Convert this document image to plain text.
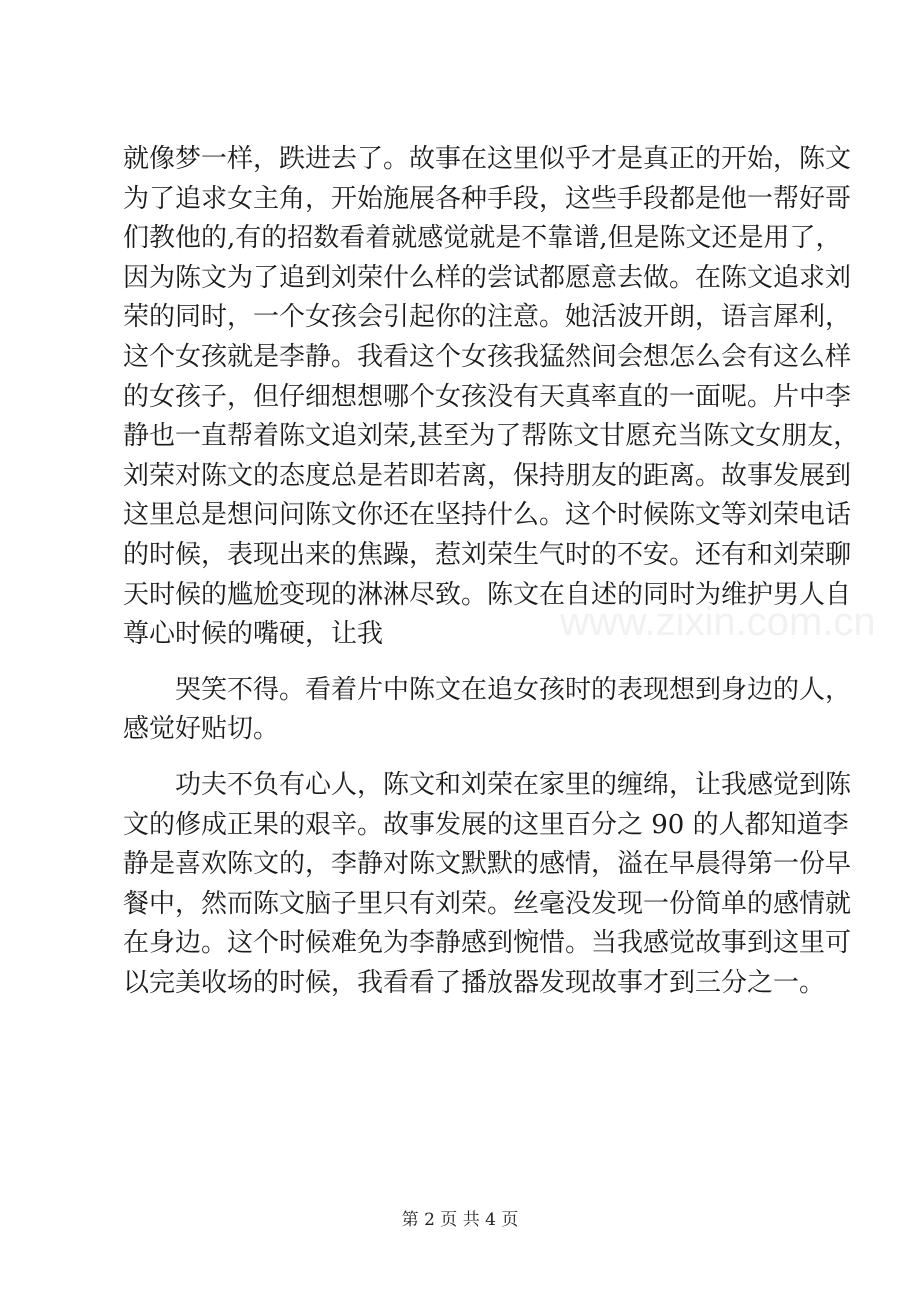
www.zixin.com.cn
就像梦一样，跌进去了。故事在这里似乎才是真正的开始，陈文
为了追求女主角，开始施展各种手段，这些手段都是他一帮好哥
们教他的,有的招数看着就感觉就是不靠谱,但是陈文还是用了，
因为陈文为了追到刘荣什么样的尝试都愿意去做。在陈文追求刘
荣的同时，一个女孩会引起你的注意。她活波开朗，语言犀利，
这个女孩就是李静。我看这个女孩我猛然间会想怎么会有这么样
的女孩子，但仔细想想哪个女孩没有天真率直的一面呢。片中李
静也一直帮着陈文追刘荣,甚至为了帮陈文甘愿充当陈文女朋友，
刘荣对陈文的态度总是若即若离，保持朋友的距离。故事发展到
这里总是想问问陈文你还在坚持什么。这个时候陈文等刘荣电话
的时候，表现出来的焦躁，惹刘荣生气时的不安。还有和刘荣聊
天时候的尴尬变现的淋淋尽致。陈文在自述的同时为维护男人自
尊心时候的嘴硬，让我
哭笑不得。看着片中陈文在追女孩时的表现想到身边的人，
感觉好贴切。
功夫不负有心人，陈文和刘荣在家里的缠绵，让我感觉到陈
文的修成正果的艰辛。故事发展的这里百分之 90 的人都知道李
静是喜欢陈文的，李静对陈文默默的感情，溢在早晨得第一份早
餐中，然而陈文脑子里只有刘荣。丝毫没发现一份简单的感情就
在身边。这个时候难免为李静感到惋惜。当我感觉故事到这里可
以完美收场的时候，我看看了播放器发现故事才到三分之一。
第 2 页 共 4 页
